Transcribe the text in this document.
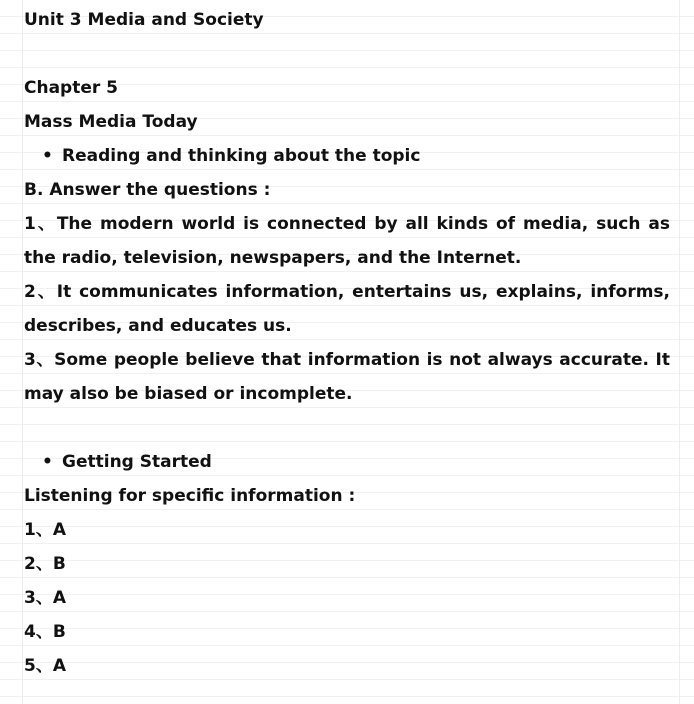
Unit 3 Media and Society
Chapter 5
Mass Media Today
• Reading and thinking about the topic
B. Answer the questions :
1、The modern world is connected by all kinds of media, such as
the radio, television, newspapers, and the Internet.
2、It communicates information, entertains us, explains, informs,
describes, and educates us.
3、Some people believe that information is not always accurate. It
may also be biased or incomplete.
• Getting Started
Listening for specific information :
1、A
2、B
3、A
4、B
5、A
